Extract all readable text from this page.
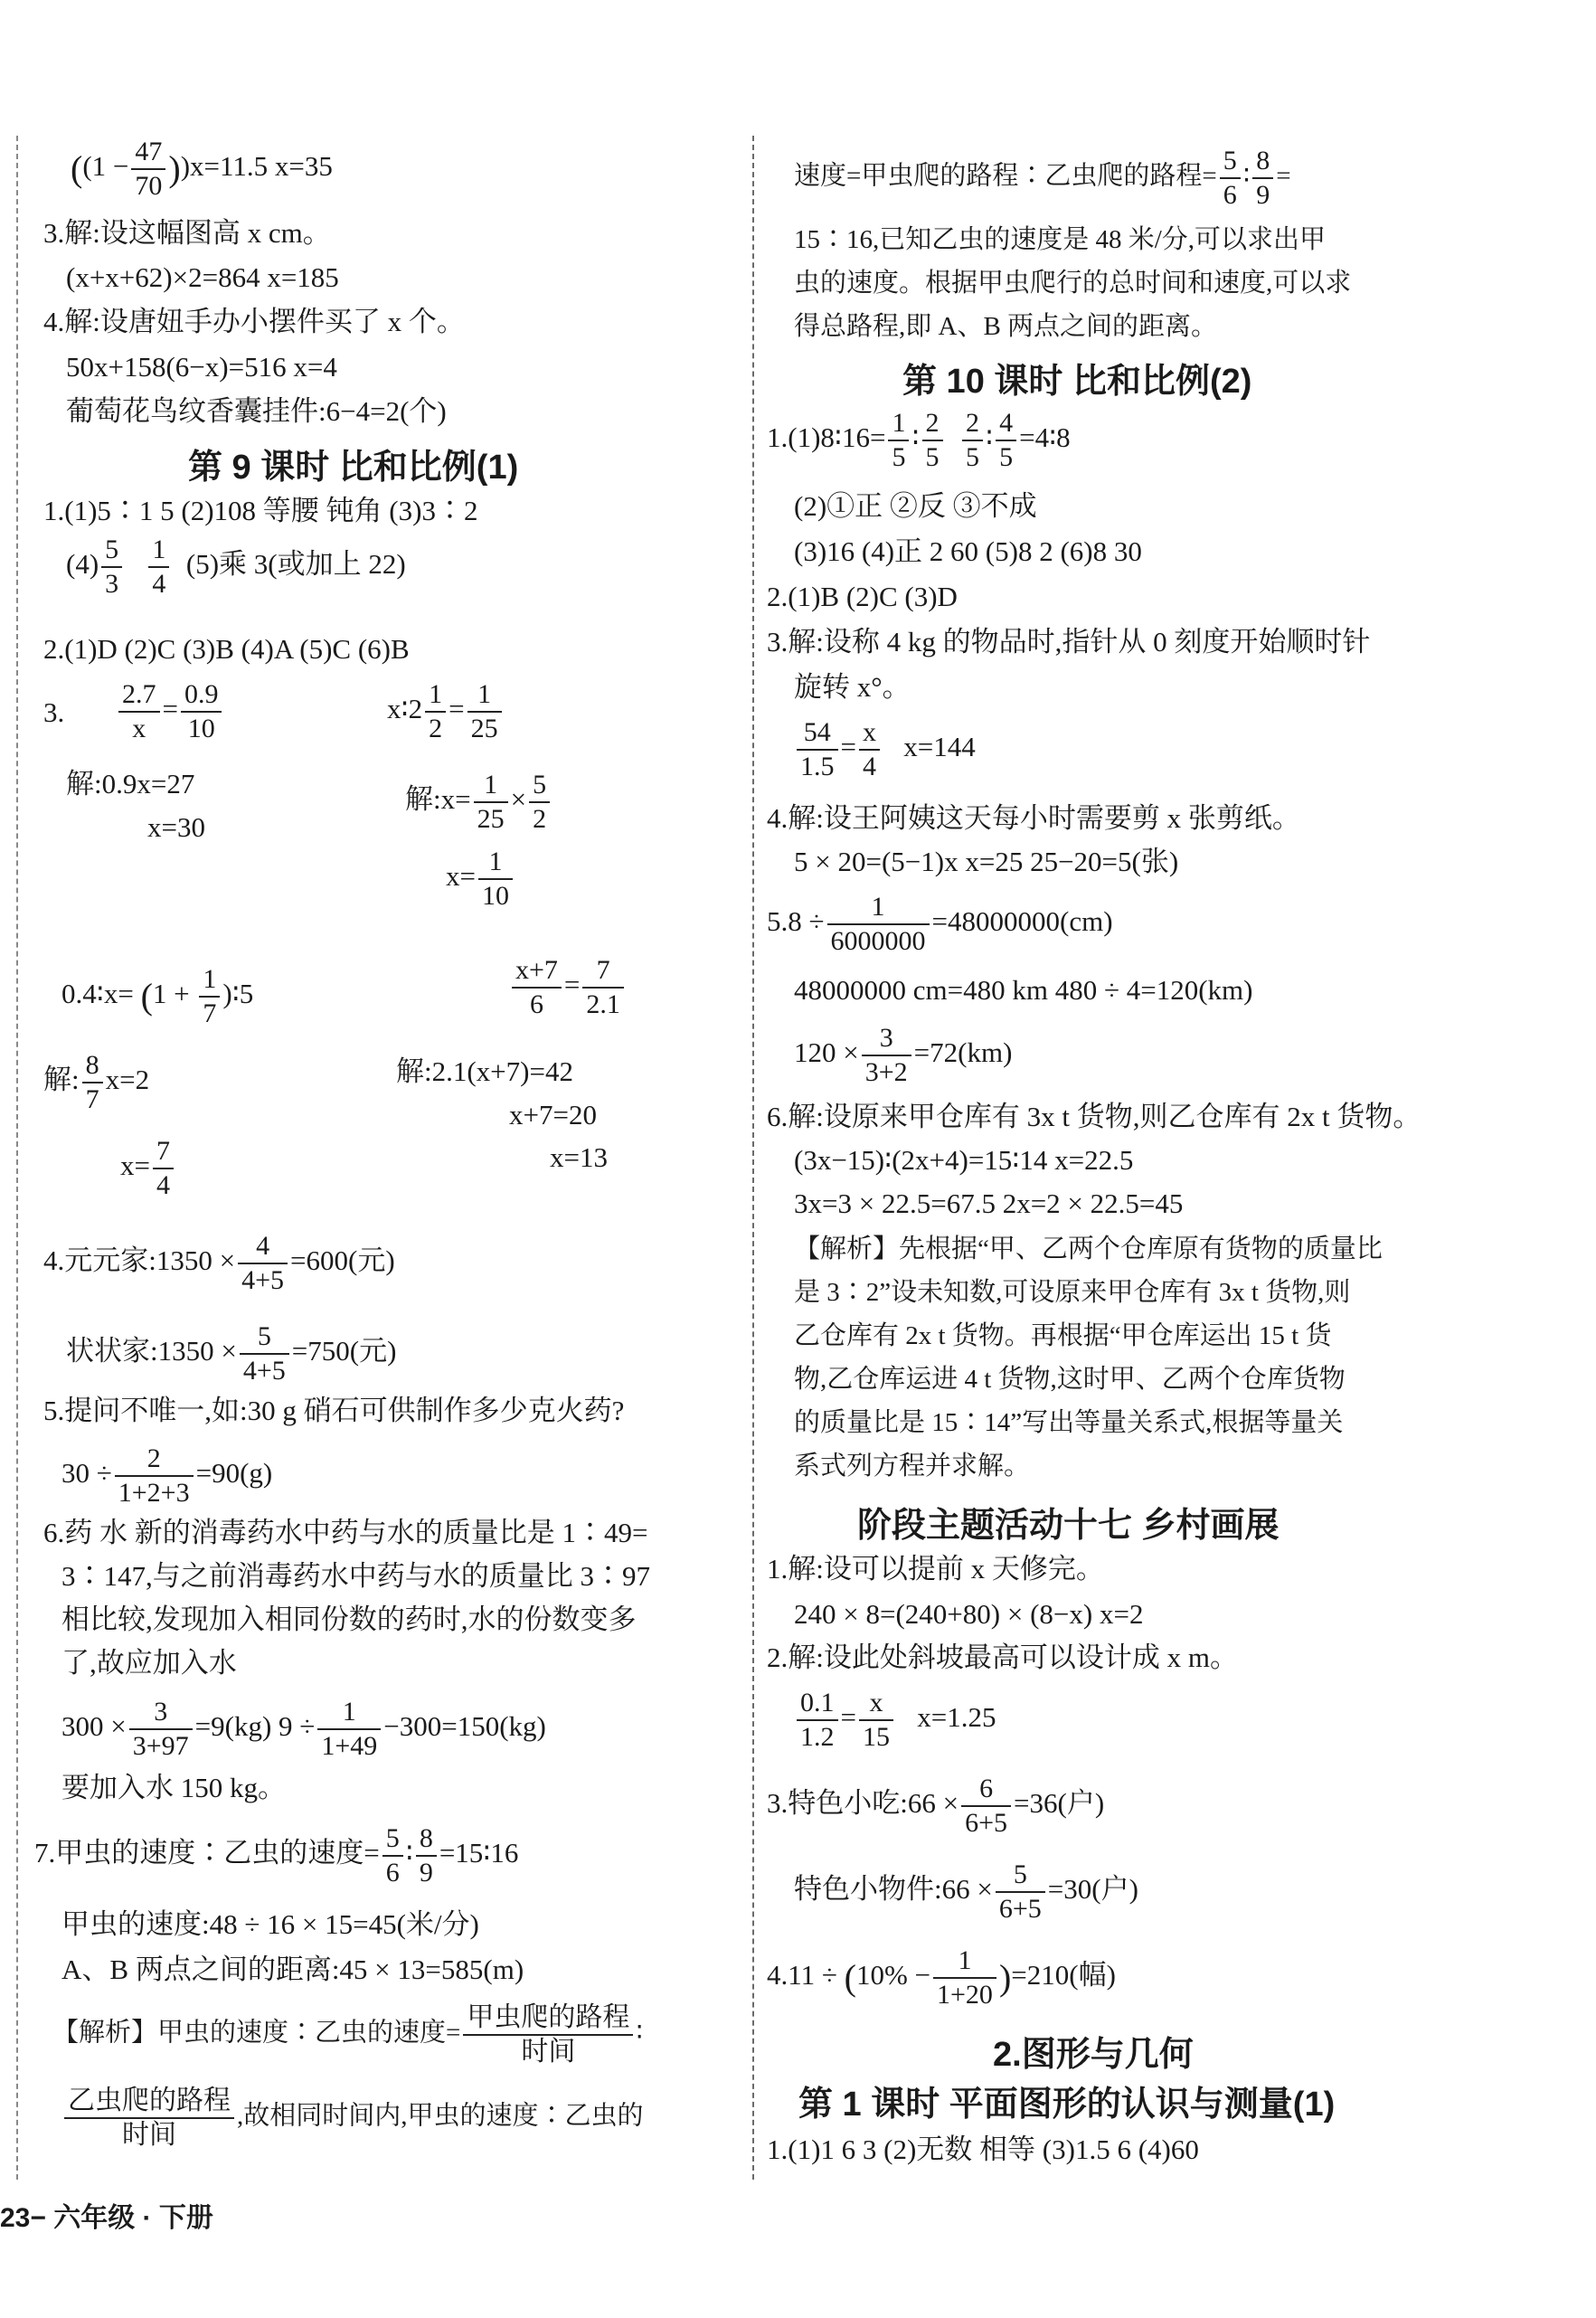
$((1 - \frac{47}{70} ))x=11.5$ x=35
3.解:设这幅图高 x cm。
(x+x+62)×2=864 x=185
4.解:设唐妞手办小摆件买了 x 个。
50x+158(6−x)=516 x=4
葡萄花鸟纹香囊挂件:6−4=2(个)
第 9 课时 比和比例(1)
1.(1)5∶1 5 (2)108 等腰 钝角 (3)3∶2
$(4) \frac{5}{3}$
$\frac{1}{4} (5)$乘 3(或加上 22)
2.(1)D (2)C (3)B (4)A (5)C (6)B
3. $\frac{2.7}{x} = \frac{0.9}{10}$	x∶2 $\frac{1}{2} = \frac{1}{25}$
解:0.9x=27
x=30
解:x= $\frac{1}{25} \times \frac{5}{2}$
$x= \frac{1}{10}$
0.4∶x= ($1 + \frac{1}{7}$ )∶5	$\frac{x+7}{6} = \frac{7}{2.1}$
解: $\frac{8}{7} x=2$
$x= \frac{7}{4}$
解:2.1(x+7)=42
x+7=20
x=13
4.元元家:1350 × $\frac{4}{4+5} =600$(元)
状状家:1350 × $\frac{5}{4+5} =750$(元)
5.提问不唯一,如:30 g 硝石可供制作多少克火药?
$30 \div \frac{2}{1+2+3} =90(g)$
6.药 水 新的消毒药水中药与水的质量比是 1∶49=
3∶147,与之前消毒药水中药与水的质量比 3∶97
相比较,发现加入相同份数的药时,水的份数变多
了,故应加入水
$300 \times \frac{3}{3+97} =9(kg) 9 \div \frac{1}{1+49} -300=150(kg)$
要加入水 150 kg。
7.甲虫的速度∶乙虫的速度= $\frac{5}{6}$ ∶ $\frac{8}{9}$ =15∶16
甲虫的速度:48 ÷ 16 × 15=45(米/分)
A、B 两点之间的距离:45 × 13=585(m)
【解析】甲虫的速度∶乙虫的速度= $\frac{\text{甲虫爬的路程}}{\text{时间}}$ ∶
$\frac{\text{乙虫爬的路程}}{\text{时间}}$ ,故相同时间内,甲虫的速度∶乙虫的
速度=甲虫爬的路程∶乙虫爬的路程= $\frac{5}{6}$ ∶ $\frac{8}{9}$ =
15∶16,已知乙虫的速度是 48 米/分,可以求出甲
虫的速度。根据甲虫爬行的总时间和速度,可以求
得总路程,即 A、B 两点之间的距离。
第 10 课时 比和比例(2)
1.(1)8∶16= $\frac{1}{5}$ ∶ $\frac{2}{5}$
$\frac{2}{5}$ ∶ $\frac{4}{5}$ =4∶8
(2)①正 ②反 ③不成
(3)16 (4)正 2 60 (5)8 2 (6)8 30
2.(1)B (2)C (3)D
3.解:设称 4 kg 的物品时,指针从 0 刻度开始顺时针
旋转 x°。
$\frac{54}{1.5} = \frac{x}{4} x=144$
4.解:设王阿姨这天每小时需要剪 x 张剪纸。
5 × 20=(5−1)x x=25 25−20=5(张)
$5.8 \div \frac{1}{6000000} =48000000(cm)$
48000000 cm=480 km 480 ÷ 4=120(km)
$120 \times \frac{3}{3+2} =72(km)$
6.解:设原来甲仓库有 3x t 货物,则乙仓库有 2x t 货物。
(3x−15)∶(2x+4)=15∶14 x=22.5
3x=3 × 22.5=67.5 2x=2 × 22.5=45
【解析】先根据“甲、乙两个仓库原有货物的质量比
是 3∶2”设未知数,可设原来甲仓库有 3x t 货物,则
乙仓库有 2x t 货物。再根据“甲仓库运出 15 t 货
物,乙仓库运进 4 t 货物,这时甲、乙两个仓库货物
的质量比是 15∶14”写出等量关系式,根据等量关
系式列方程并求解。
阶段主题活动十七 乡村画展
1.解:设可以提前 x 天修完。
240 × 8=(240+80) × (8−x) x=2
2.解:设此处斜坡最高可以设计成 x m。
$\frac{0.1}{1.2} = \frac{x}{15} x=1.25$
3.特色小吃:66 × $\frac{6}{6+5} =36$(户)
特色小物件:66 × $\frac{5}{6+5} =30$(户)
$4.11 \div (10\% - \frac{1}{1+20} )=210$(幅)
2.图形与几何
第 1 课时 平面图形的认识与测量(1)
1.(1)1 6 3 (2)无数 相等 (3)1.5 6 (4)60
23− 六年级 · 下册
